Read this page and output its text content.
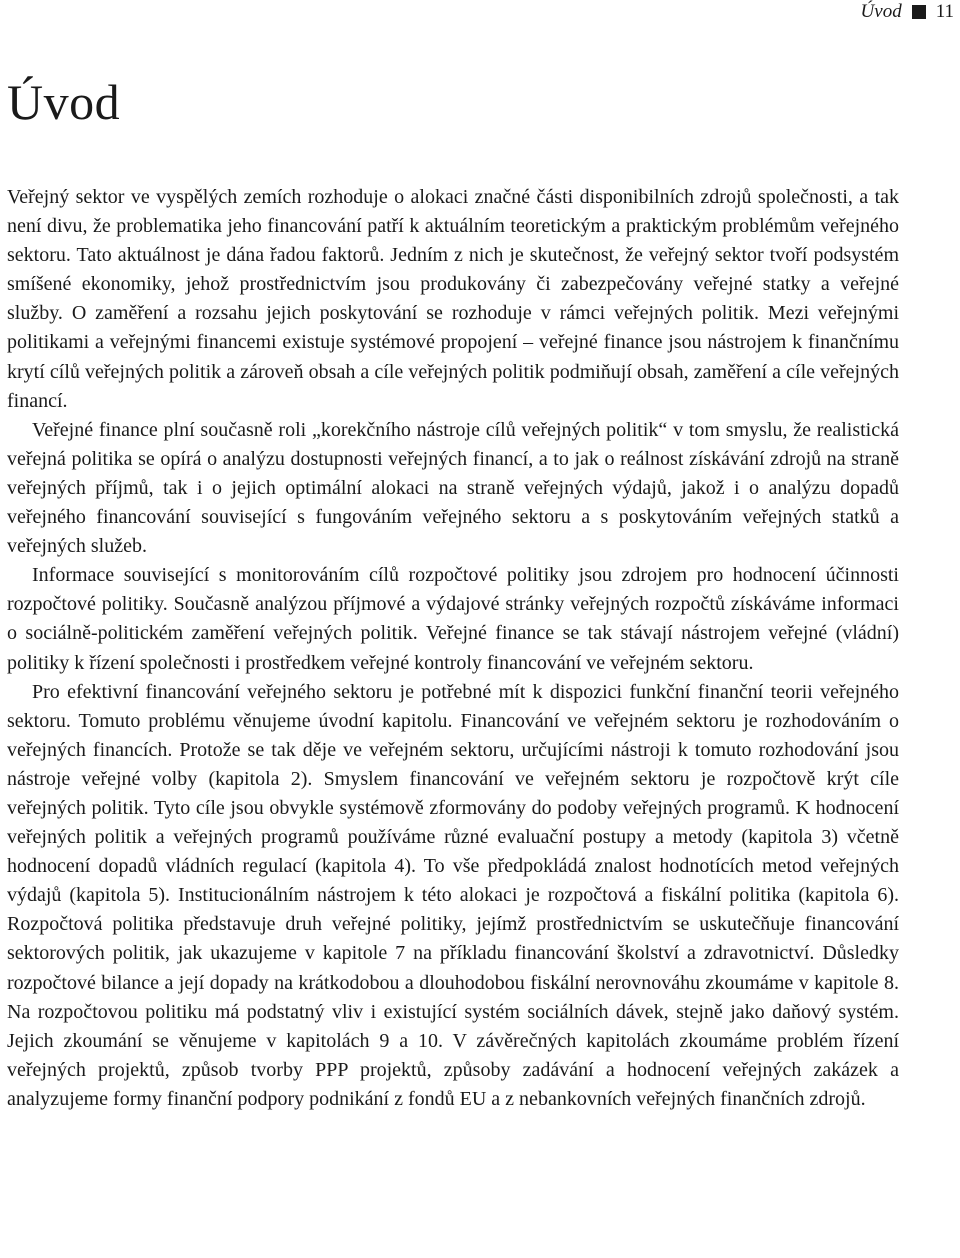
Úvod 11
Úvod

Veřejný sektor ve vyspělých zemích rozhoduje o alokaci značné části disponibilních zdrojů společnosti, a tak není divu, že problematika jeho financování patří k aktuálním teoretickým a praktickým problémům veřejného sektoru. Tato aktuálnost je dána řadou faktorů. Jedním z nich je skutečnost, že veřejný sektor tvoří podsystém smíšené ekonomiky, jehož prostřednictvím jsou produkovány či zabezpečovány veřejné statky a veřejné služby. O zaměření a rozsahu jejich poskytování se rozhoduje v rámci veřejných politik. Mezi veřejnými politikami a veřejnými financemi existuje systémové propojení – veřejné finance jsou nástrojem k finančnímu krytí cílů veřejných politik a zároveň obsah a cíle veřejných politik podmiňují obsah, zaměření a cíle veřejných financí.

Veřejné finance plní současně roli „korekčního nástroje cílů veřejných politik“ v tom smyslu, že realistická veřejná politika se opírá o analýzu dostupnosti veřejných financí, a to jak o reálnost získávání zdrojů na straně veřejných příjmů, tak i o jejich optimální alokaci na straně veřejných výdajů, jakož i o analýzu dopadů veřejného financování související s fungováním veřejného sektoru a s poskytováním veřejných statků a veřejných služeb.

Informace související s monitorováním cílů rozpočtové politiky jsou zdrojem pro hodnocení účinnosti rozpočtové politiky. Současně analýzou příjmové a výdajové stránky veřejných rozpočtů získáváme informaci o sociálně-politickém zaměření veřejných politik. Veřejné finance se tak stávají nástrojem veřejné (vládní) politiky k řízení společnosti i prostředkem veřejné kontroly financování ve veřejném sektoru.

Pro efektivní financování veřejného sektoru je potřebné mít k dispozici funkční finanční teorii veřejného sektoru. Tomuto problému věnujeme úvodní kapitolu. Financování ve veřejném sektoru je rozhodováním o veřejných financích. Protože se tak děje ve veřejném sektoru, určujícími nástroji k tomuto rozhodování jsou nástroje veřejné volby (kapitola 2). Smyslem financování ve veřejném sektoru je rozpočtově krýt cíle veřejných politik. Tyto cíle jsou obvykle systémově zformovány do podoby veřejných programů. K hodnocení veřejných politik a veřejných programů používáme různé evaluační postupy a metody (kapitola 3) včetně hodnocení dopadů vládních regulací (kapitola 4). To vše předpokládá znalost hodnotících metod veřejných výdajů (kapitola 5). Institucionálním nástrojem k této alokaci je rozpočtová a fiskální politika (kapitola 6). Rozpočtová politika představuje druh veřejné politiky, jejímž prostřednictvím se uskutečňuje financování sektorových politik, jak ukazujeme v kapitole 7 na příkladu financování školství a zdravotnictví. Důsledky rozpočtové bilance a její dopady na krátkodobou a dlouhodobou fiskální nerovnováhu zkoumáme v kapitole 8. Na rozpočtovou politiku má podstatný vliv i existující systém sociálních dávek, stejně jako daňový systém. Jejich zkoumání se věnujeme v kapitolách 9 a 10. V závěrečných kapitolách zkoumáme problém řízení veřejných projektů, způsob tvorby PPP projektů, způsoby zadávání a hodnocení veřejných zakázek a analyzujeme formy finanční podpory podnikání z fondů EU a z nebankovních veřejných finančních zdrojů.
